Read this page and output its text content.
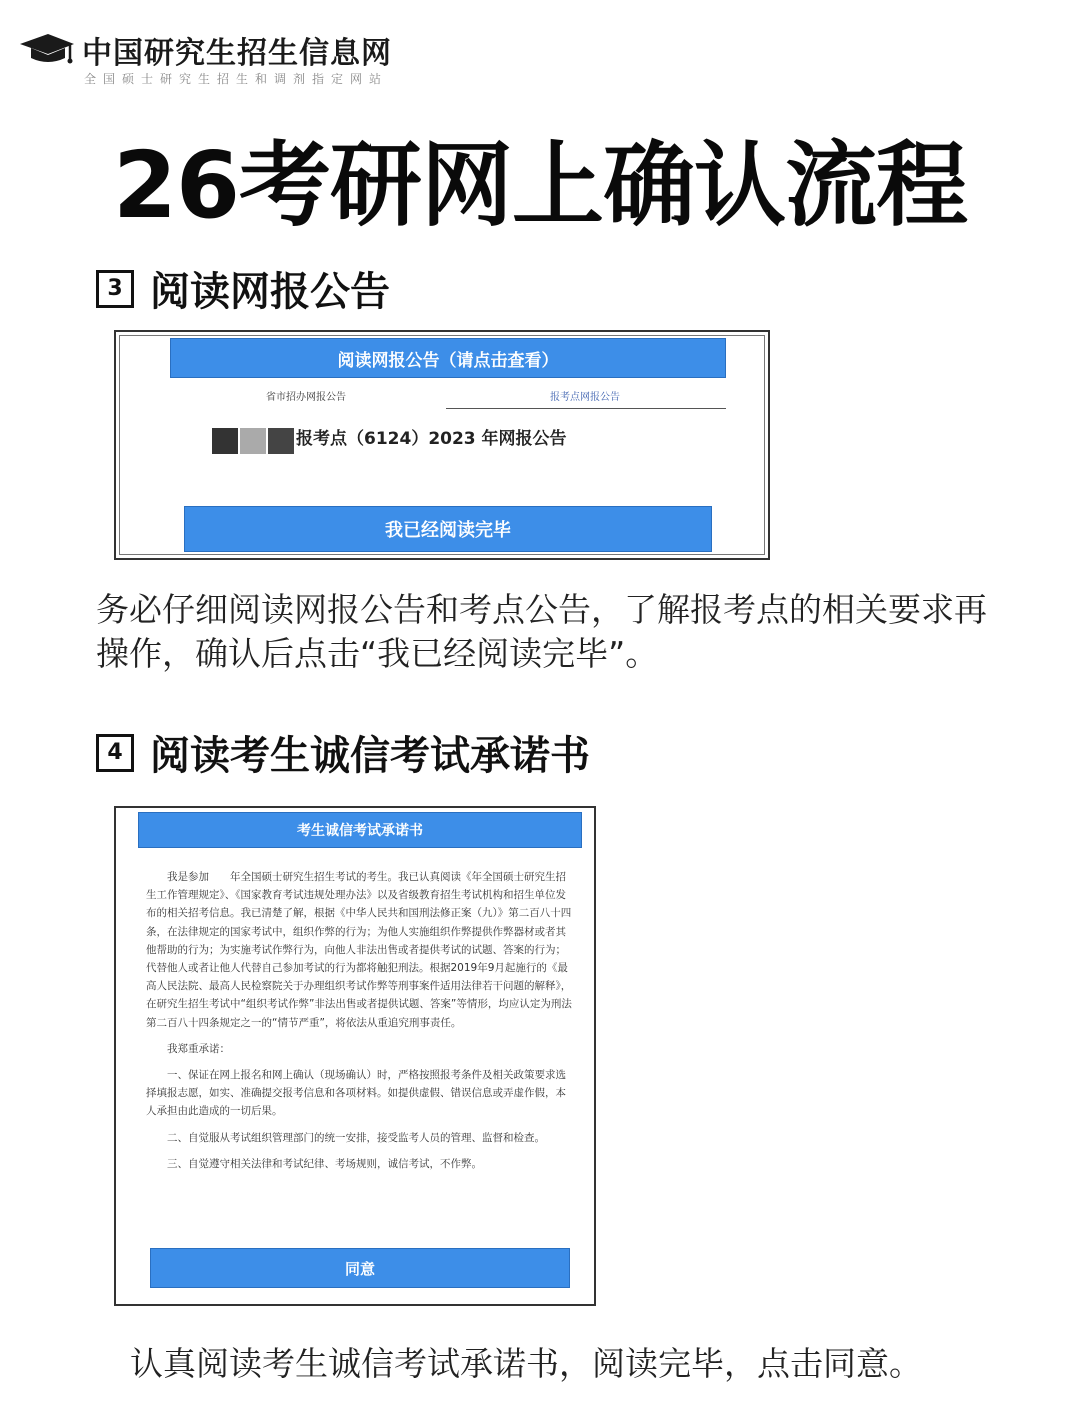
中国研究生招生信息网
全国硕士研究生招生和调剂指定网站
26考研网上确认流程
3 阅读网报公告
阅读网报公告（请点击查看）
省市招办网报公告	报考点网报公告
报考点（6124）2023 年网报公告
我已经阅读完毕
务必仔细阅读网报公告和考点公告，了解报考点的相关要求再操作，确认后点击“我已经阅读完毕”。
4 阅读考生诚信考试承诺书
考生诚信考试承诺书

我是参加　　年全国硕士研究生招生考试的考生。我已认真阅读《年全国硕士研究生招生工作管理规定》、《国家教育考试违规处理办法》以及省级教育招生考试机构和招生单位发布的相关招考信息。我已清楚了解，根据《中华人民共和国刑法修正案（九）》第二百八十四条，在法律规定的国家考试中，组织作弊的行为；为他人实施组织作弊提供作弊器材或者其他帮助的行为；为实施考试作弊行为，向他人非法出售或者提供考试的试题、答案的行为；代替他人或者让他人代替自己参加考试的行为都将触犯刑法。根据2019年9月起施行的《最高人民法院、最高人民检察院关于办理组织考试作弊等刑事案件适用法律若干问题的解释》，在研究生招生考试中“组织考试作弊”非法出售或者提供试题、答案”等情形，均应认定为刑法第二百八十四条规定之一的“情节严重”，将依法从重追究刑事责任。

我郑重承诺：

一、保证在网上报名和网上确认（现场确认）时，严格按照报考条件及相关政策要求选择填报志愿，如实、准确提交报考信息和各项材料。如提供虚假、错误信息或弄虚作假，本人承担由此造成的一切后果。

二、自觉服从考试组织管理部门的统一安排，接受监考人员的管理、监督和检查。

三、自觉遵守相关法律和考试纪律、考场规则，诚信考试，不作弊。

同意
认真阅读考生诚信考试承诺书，阅读完毕，点击同意。
